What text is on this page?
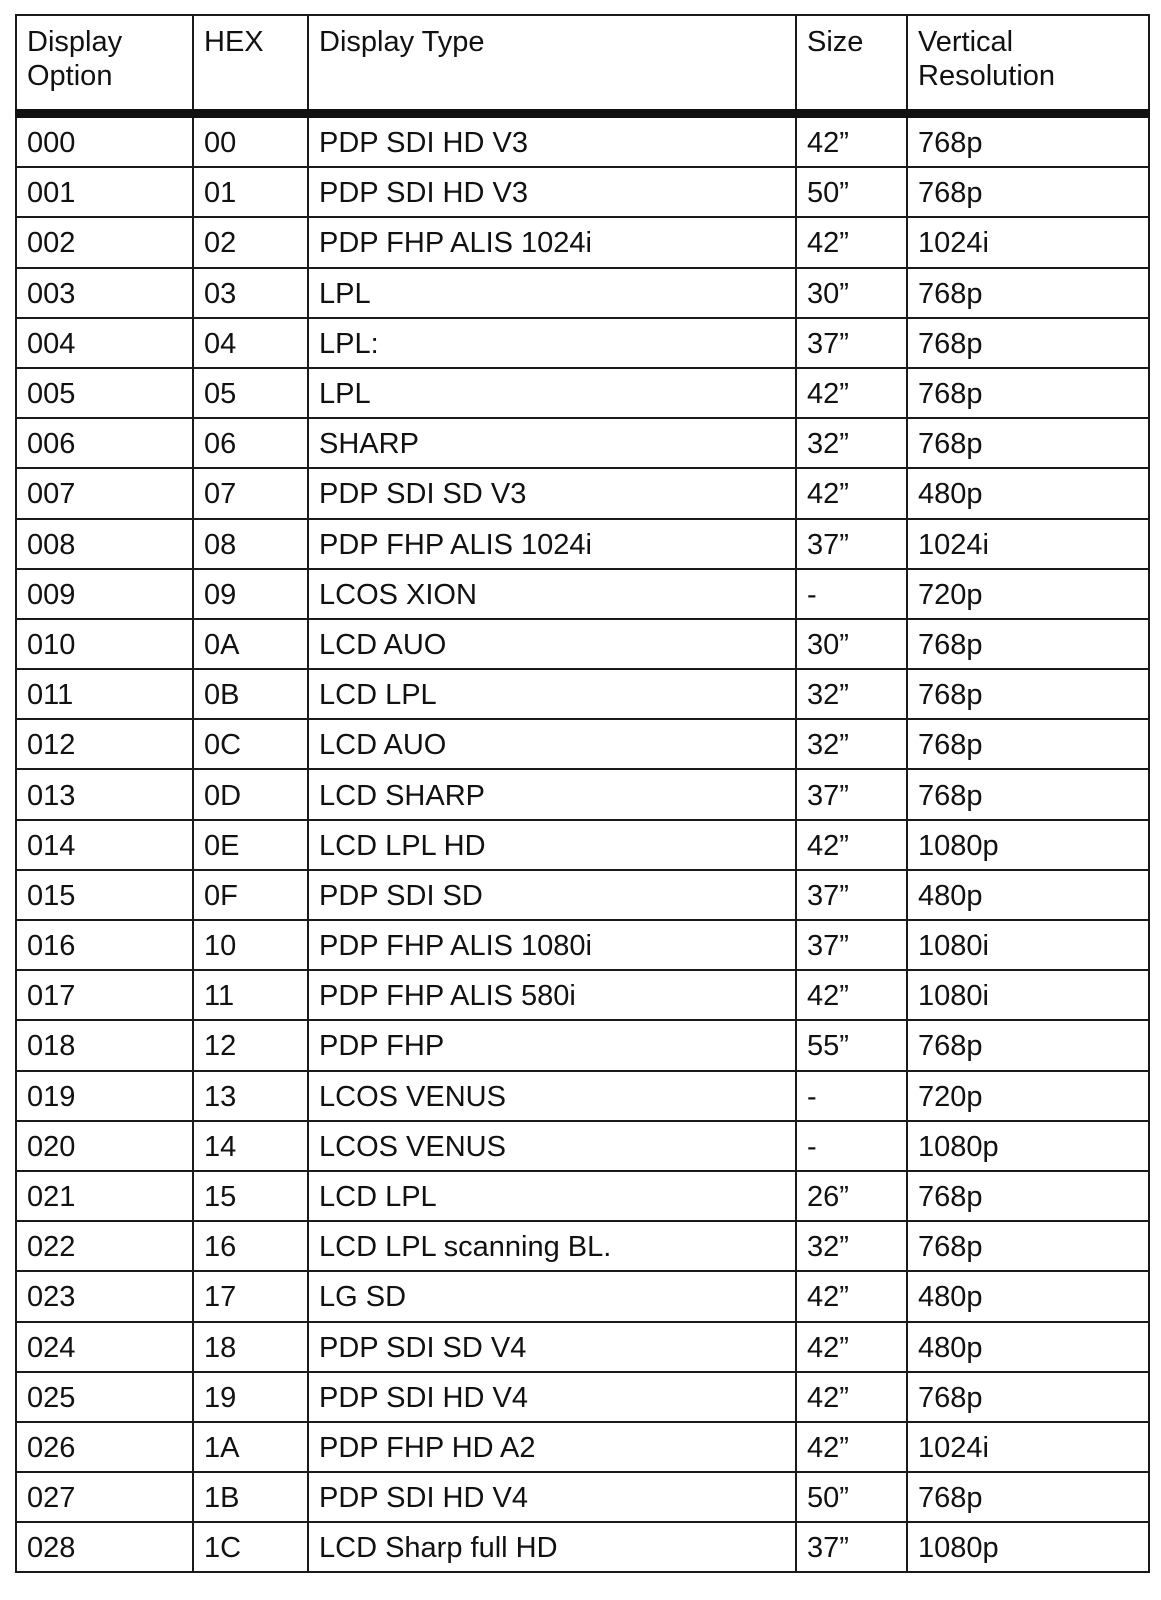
Display Option	HEX	Display Type	Size	Vertical Resolution
000	00	PDP SDI HD V3	42”	768p
001	01	PDP SDI HD V3	50”	768p
002	02	PDP FHP ALIS 1024i	42”	1024i
003	03	LPL	30”	768p
004	04	LPL:	37”	768p
005	05	LPL	42”	768p
006	06	SHARP	32”	768p
007	07	PDP SDI SD V3	42”	480p
008	08	PDP FHP ALIS 1024i	37”	1024i
009	09	LCOS XION	-	720p
010	0A	LCD AUO	30”	768p
011	0B	LCD LPL	32”	768p
012	0C	LCD AUO	32”	768p
013	0D	LCD SHARP	37”	768p
014	0E	LCD LPL HD	42”	1080p
015	0F	PDP SDI SD	37”	480p
016	10	PDP FHP ALIS 1080i	37”	1080i
017	11	PDP FHP ALIS 580i	42”	1080i
018	12	PDP FHP	55”	768p
019	13	LCOS VENUS	-	720p
020	14	LCOS VENUS	-	1080p
021	15	LCD LPL	26”	768p
022	16	LCD LPL scanning BL.	32”	768p
023	17	LG SD	42”	480p
024	18	PDP SDI SD V4	42”	480p
025	19	PDP SDI HD V4	42”	768p
026	1A	PDP FHP HD A2	42”	1024i
027	1B	PDP SDI HD V4	50”	768p
028	1C	LCD Sharp full HD	37”	1080p
